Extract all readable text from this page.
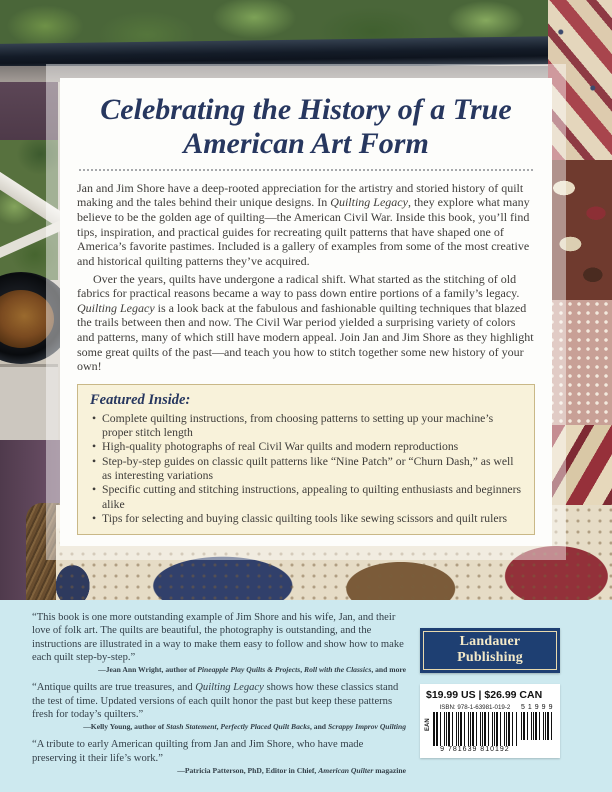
Celebrating the History of a True American Art Form

Jan and Jim Shore have a deep-rooted appreciation for the artistry and storied history of quilt making and the tales behind their unique designs. In Quilting Legacy, they explore what many believe to be the golden age of quilting—the American Civil War. Inside this book, you’ll find tips, inspiration, and practical guides for recreating quilt patterns that have shaped one of America’s favorite pastimes. Included is a gallery of examples from some of the most creative and historical quilting patterns they’ve acquired.

Over the years, quilts have undergone a radical shift. What started as the stitching of old fabrics for practical reasons became a way to pass down entire portions of a family’s legacy. Quilting Legacy is a look back at the fabulous and fashionable quilting techniques that blazed the trails between then and now. The Civil War period yielded a surprising variety of colors and patterns, many of which still have modern appeal. Join Jan and Jim Shore as they highlight some great quilts of the past—and teach you how to stitch together some new history of your own!

Featured Inside:
• Complete quilting instructions, from choosing patterns to setting up your machine’s proper stitch length
• High-quality photographs of real Civil War quilts and modern reproductions
• Step-by-step guides on classic quilt patterns like “Nine Patch” or “Churn Dash,” as well as interesting variations
• Specific cutting and stitching instructions, appealing to quilting enthusiasts and beginners alike
• Tips for selecting and buying classic quilting tools like sewing scissors and quilt rulers

“This book is one more outstanding example of Jim Shore and his wife, Jan, and their love of folk art. The quilts are beautiful, the photography is outstanding, and the instructions are illustrated in a way to make them easy to follow and show how to make each quilt step-by-step.”

—Jean Ann Wright, author of Pineapple Play Quilts & Projects, Roll with the Classics, and more

“Antique quilts are true treasures, and Quilting Legacy shows how these classics stand the test of time. Updated versions of each quilt honor the past but keep these patterns fresh for today’s quilters.”

—Kelly Young, author of Stash Statement, Perfectly Placed Quilt Backs, and Scrappy Improv Quilting

“A tribute to early American quilting from Jan and Jim Shore, who have made preserving it their life’s work.”

—Patricia Patterson, PhD, Editor in Chief, American Quilter magazine

Landauer Publishing
$19.99 US | $26.99 CAN
EAN
ISBN: 978-1-63981-019-2
9 781639 810192
51999
